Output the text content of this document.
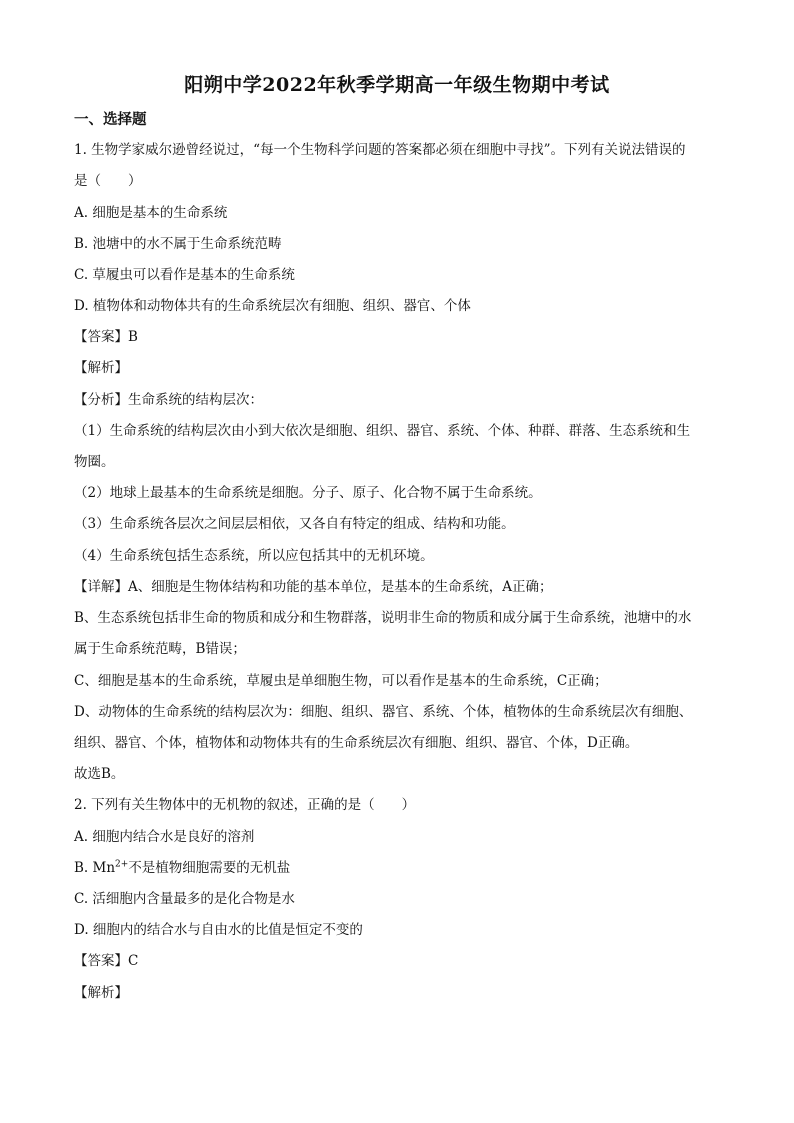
阳朔中学2022年秋季学期高一年级生物期中考试
一、选择题
1. 生物学家威尔逊曾经说过，“每一个生物科学问题的答案都必须在细胞中寻找”。下列有关说法错误的
是（　　）
A. 细胞是基本的生命系统
B. 池塘中的水不属于生命系统范畴
C. 草履虫可以看作是基本的生命系统
D. 植物体和动物体共有的生命系统层次有细胞、组织、器官、个体
【答案】B
【解析】
【分析】生命系统的结构层次：
（1）生命系统的结构层次由小到大依次是细胞、组织、器官、系统、个体、种群、群落、生态系统和生
物圈。
（2）地球上最基本的生命系统是细胞。分子、原子、化合物不属于生命系统。
（3）生命系统各层次之间层层相依，又各自有特定的组成、结构和功能。
（4）生命系统包括生态系统，所以应包括其中的无机环境。
【详解】A、细胞是生物体结构和功能的基本单位，是基本的生命系统，A正确；
B、生态系统包括非生命的物质和成分和生物群落，说明非生命的物质和成分属于生命系统，池塘中的水
属于生命系统范畴，B错误；
C、细胞是基本的生命系统，草履虫是单细胞生物，可以看作是基本的生命系统，C正确；
D、动物体的生命系统的结构层次为：细胞、组织、器官、系统、个体，植物体的生命系统层次有细胞、
组织、器官、个体，植物体和动物体共有的生命系统层次有细胞、组织、器官、个体，D正确。
故选B。
2. 下列有关生物体中的无机物的叙述，正确的是（　　）
A. 细胞内结合水是良好的溶剂
B. $Mn^{2+}$不是植物细胞需要的无机盐
C. 活细胞内含量最多的是化合物是水
D. 细胞内的结合水与自由水的比值是恒定不变的
【答案】C
【解析】
